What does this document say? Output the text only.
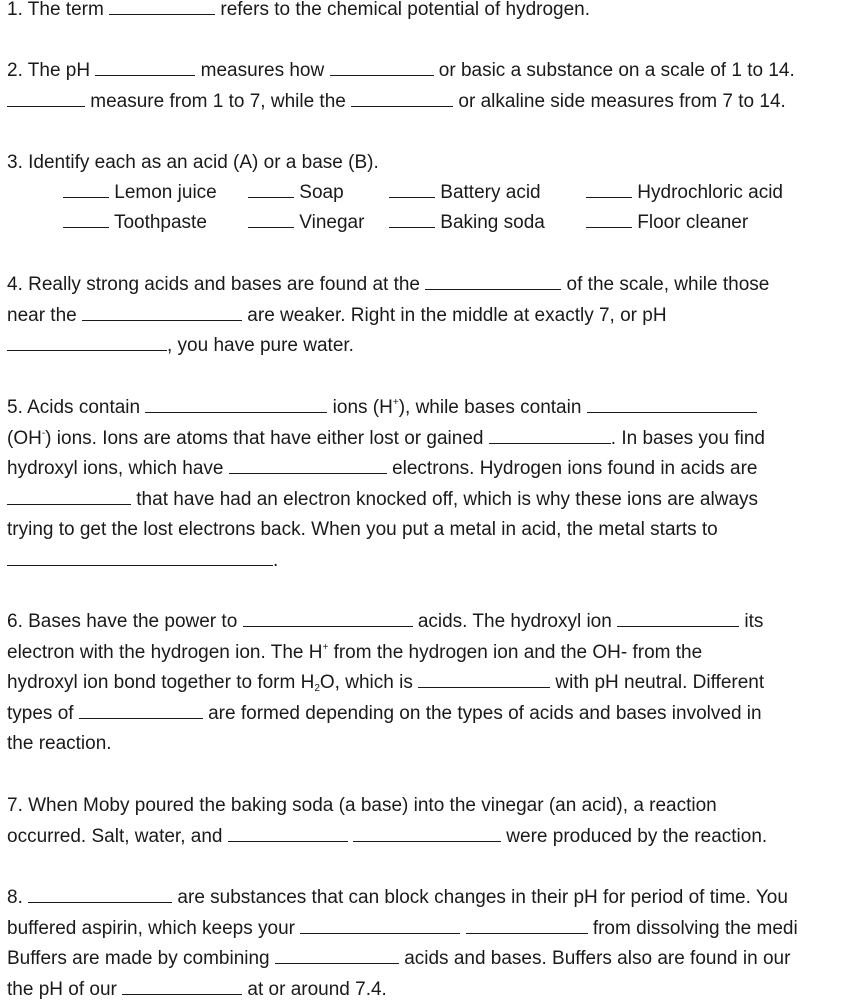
1. The term	refers to the chemical potential of hydrogen.
2. The pH	measures how	or basic a substance on a scale of 1 to 14.
measure from 1 to 7, while the	or alkaline side measures from 7 to 14.
3. Identify each as an acid (A) or a base (B).
Lemon juice	Soap	Battery acid	Hydrochloric acid
Toothpaste	Vinegar	Baking soda	Floor cleaner
4. Really strong acids and bases are found at the	of the scale, while those
near the	are weaker. Right in the middle at exactly 7, or pH
, you have pure water.
5. Acids contain	ions (H+), while bases contain
(OH-) ions. Ions are atoms that have either lost or gained	. In bases you find
hydroxyl ions, which have	electrons. Hydrogen ions found in acids are
that have had an electron knocked off, which is why these ions are always
trying to get the lost electrons back. When you put a metal in acid, the metal starts to
.
6. Bases have the power to	acids. The hydroxyl ion	its
electron with the hydrogen ion. The H+ from the hydrogen ion and the OH- from the
hydroxyl ion bond together to form $H_2O$, which is	with pH neutral. Different
types of	are formed depending on the types of acids and bases involved in
the reaction.
7. When Moby poured the baking soda (a base) into the vinegar (an acid), a reaction
occurred. Salt, water, and	were produced by the reaction.
8.	are substances that can block changes in their pH for period of time. You
buffered aspirin, which keeps your	from dissolving the medi
Buffers are made by combining	acids and bases. Buffers also are found in our
the pH of our	at or around 7.4.
